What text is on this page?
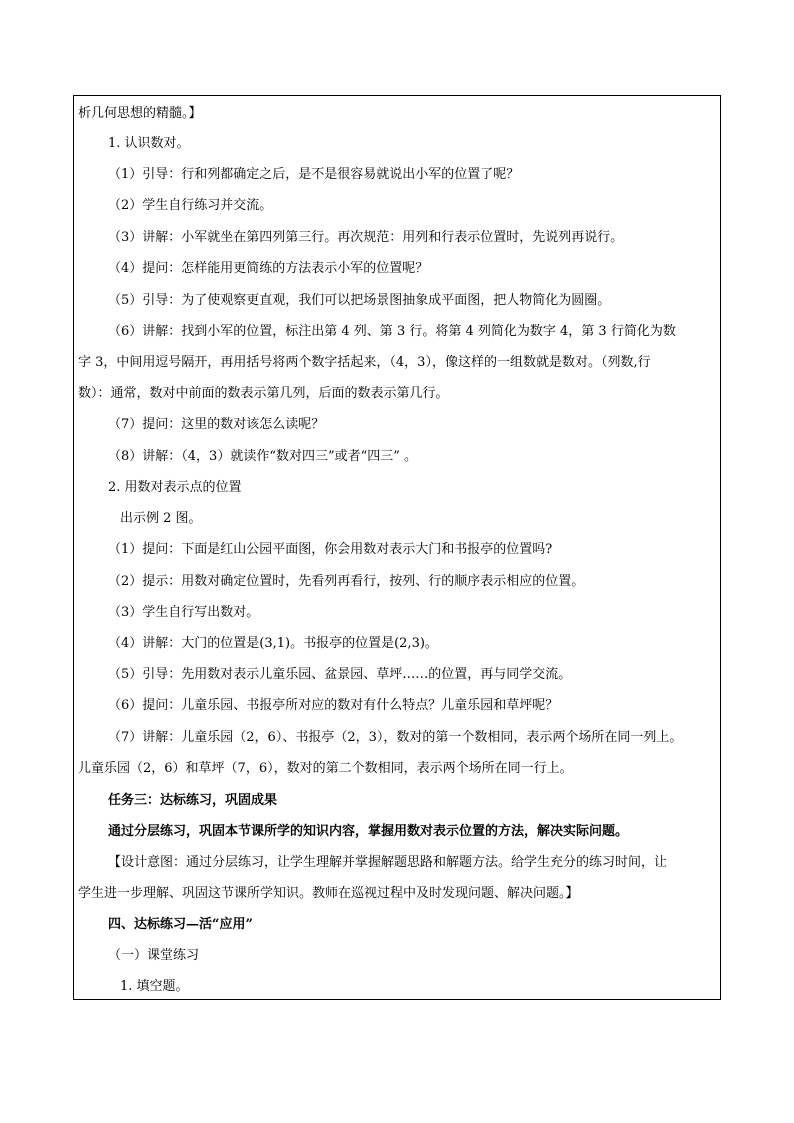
析几何思想的精髓。】
1. 认识数对。
（1）引导：行和列都确定之后，是不是很容易就说出小军的位置了呢？
（2）学生自行练习并交流。
（3）讲解：小军就坐在第四列第三行。再次规范：用列和行表示位置时，先说列再说行。
（4）提问：怎样能用更简练的方法表示小军的位置呢？
（5）引导：为了使观察更直观，我们可以把场景图抽象成平面图，把人物简化为圆圈。
（6）讲解：找到小军的位置，标注出第 4 列、第 3 行。将第 4 列简化为数字 4，第 3 行简化为数
字 3，中间用逗号隔开，再用括号将两个数字括起来，（4，3），像这样的一组数就是数对。（列数,行
数）：通常，数对中前面的数表示第几列，后面的数表示第几行。
（7）提问：这里的数对该怎么读呢？
（8）讲解：（4，3）就读作“数对四三”或者“四三” 。
2. 用数对表示点的位置
出示例 2 图。
（1）提问：下面是红山公园平面图，你会用数对表示大门和书报亭的位置吗?
（2）提示：用数对确定位置时，先看列再看行，按列、行的顺序表示相应的位置。
（3）学生自行写出数对。
（4）讲解：大门的位置是(3,1)。书报亭的位置是(2,3)。
（5）引导：先用数对表示儿童乐园、盆景园、草坪……的位置，再与同学交流。
（6）提问：儿童乐园、书报亭所对应的数对有什么特点？儿童乐园和草坪呢？
（7）讲解：儿童乐园（2，6）、书报亭（2，3），数对的第一个数相同，表示两个场所在同一列上。
儿童乐园（2，6）和草坪（7，6），数对的第二个数相同，表示两个场所在同一行上。
任务三：达标练习，巩固成果
通过分层练习，巩固本节课所学的知识内容，掌握用数对表示位置的方法，解决实际问题。
【设计意图：通过分层练习，让学生理解并掌握解题思路和解题方法。给学生充分的练习时间，让
学生进一步理解、巩固这节课所学知识。教师在巡视过程中及时发现问题、解决问题。】
四、达标练习—活“应用”
（一）课堂练习
1. 填空题。
